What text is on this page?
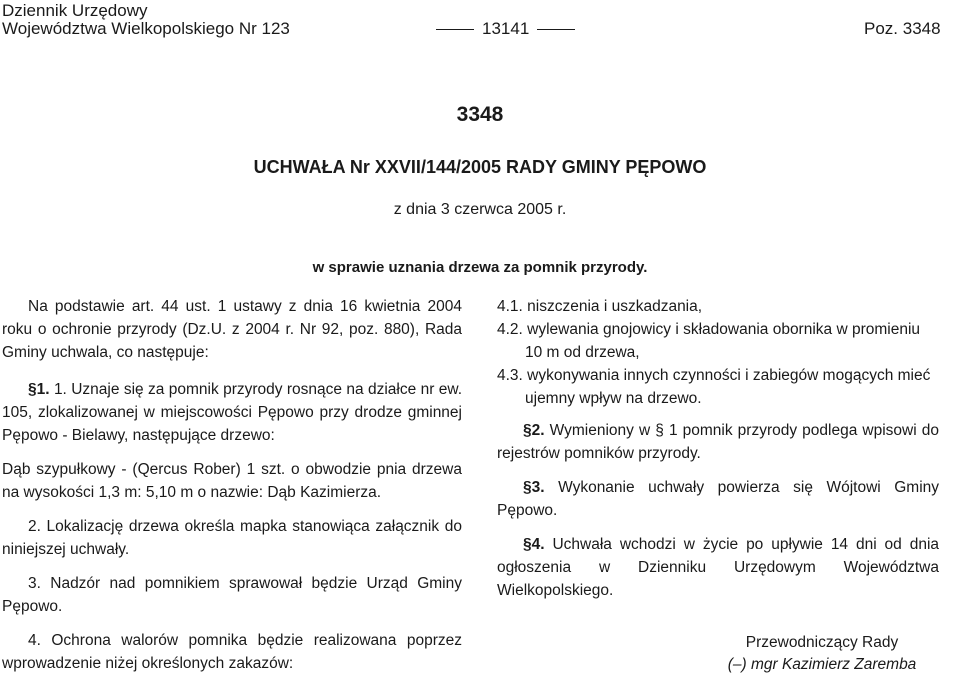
Dziennik Urzędowy
Województwa Wielkopolskiego Nr 123	13141	Poz. 3348
3348
UCHWAŁA Nr XXVII/144/2005 RADY GMINY PĘPOWO
z dnia 3 czerwca 2005 r.
w sprawie uznania drzewa za pomnik przyrody.

Na podstawie art. 44 ust. 1 ustawy z dnia 16 kwietnia 2004 roku o ochronie przyrody (Dz.U. z 2004 r. Nr 92, poz. 880), Rada Gminy uchwala, co następuje:

§1. 1. Uznaje się za pomnik przyrody rosnące na działce nr ew. 105, zlokalizowanej w miejscowości Pępowo przy drodze gminnej Pępowo - Bielawy, następujące drzewo:

Dąb szypułkowy - (Qercus Rober) 1 szt. o obwodzie pnia drzewa na wysokości 1,3 m: 5,10 m o nazwie: Dąb Kazimierza.

2. Lokalizację drzewa określa mapka stanowiąca załącznik do niniejszej uchwały.

3. Nadzór nad pomnikiem sprawował będzie Urząd Gminy Pępowo.

4. Ochrona walorów pomnika będzie realizowana poprzez wprowadzenie niżej określonych zakazów:

4.1. niszczenia i uszkadzania,

4.2. wylewania gnojowicy i składowania obornika w promieniu 10 m od drzewa,

4.3. wykonywania innych czynności i zabiegów mogących mieć ujemny wpływ na drzewo.

§2. Wymieniony w § 1 pomnik przyrody podlega wpisowi do rejestrów pomników przyrody.

§3. Wykonanie uchwały powierza się Wójtowi Gminy Pępowo.

§4. Uchwała wchodzi w życie po upływie 14 dni od dnia ogłoszenia w Dzienniku Urzędowym Województwa Wielkopolskiego.

Przewodniczący Rady
(–) mgr Kazimierz Zaremba
